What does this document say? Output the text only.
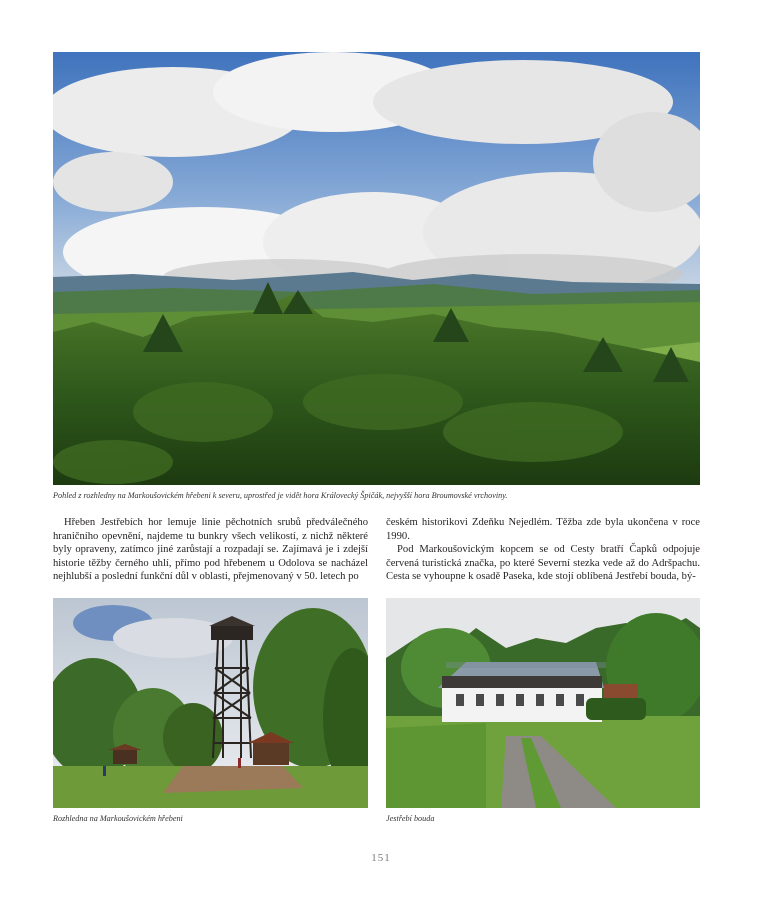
Pohled z rozhledny na Markoušovickém hřebeni k severu, uprostřed je vidět hora Královecký Špičák, nejvyšší hora Broumovské vrchoviny.

Hřeben Jestřebích hor lemuje linie pěchotních srubů předválečného hraničního opevnění, najdeme tu bunkry všech velikostí, z nichž některé byly opraveny, zatímco jiné zarůstají a rozpadají se. Zajímavá je i zdejší historie těžby černého uhlí, přímo pod hřebenem u Odolova se nacházel nejhlubší a poslední funkční důl v oblasti, přejmenovaný v 50. letech po

českém historikovi Zdeňku Nejedlém. Těžba zde byla ukončena v roce 1990.

Pod Markoušovickým kopcem se od Cesty bratří Čapků odpojuje červená turistická značka, po které Severní stezka vede až do Adršpachu. Cesta se vyhoupne k osadě Paseka, kde stojí oblíbená Jestřebí bouda, bý-

Rozhledna na Markoušovickém hřebeni	Jestřebí bouda
151
